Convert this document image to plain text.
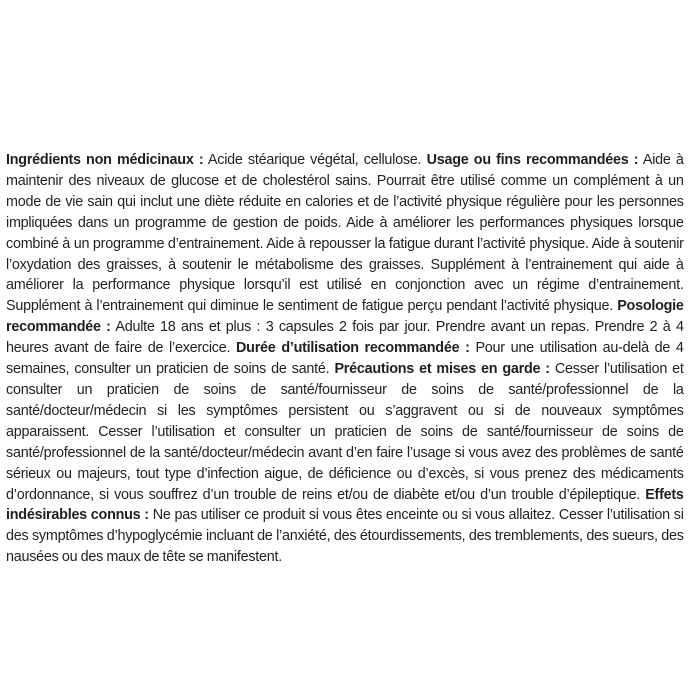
Ingrédients non médicinaux : Acide stéarique végétal, cellulose. Usage ou fins recommandées : Aide à maintenir des niveaux de glucose et de cholestérol sains. Pourrait être utilisé comme un complément à un mode de vie sain qui inclut une diète réduite en calories et de l’activité physique régulière pour les personnes impliquées dans un programme de gestion de poids. Aide à améliorer les performances physiques lorsque combiné à un programme d’entrainement. Aide à repousser la fatigue durant l’activité physique. Aide à soutenir l’oxydation des graisses, à soutenir le métabolisme des graisses. Supplément à l’entrainement qui aide à améliorer la performance physique lorsqu’il est utilisé en conjonction avec un régime d’entrainement. Supplément à l’entrainement qui diminue le sentiment de fatigue perçu pendant l’activité physique. Posologie recommandée : Adulte 18 ans et plus : 3 capsules 2 fois par jour. Prendre avant un repas. Prendre 2 à 4 heures avant de faire de l’exercice. Durée d’utilisation recommandée : Pour une utilisation au-delà de 4 semaines, consulter un praticien de soins de santé. Précautions et mises en garde : Cesser l’utilisation et consulter un praticien de soins de santé/fournisseur de soins de santé/professionnel de la santé/docteur/médecin si les symptômes persistent ou s’aggravent ou si de nouveaux symptômes apparaissent. Cesser l’utilisation et consulter un praticien de soins de santé/fournisseur de soins de santé/professionnel de la santé/docteur/médecin avant d’en faire l’usage si vous avez des problèmes de santé sérieux ou majeurs, tout type d’infection aigue, de déficience ou d’excès, si vous prenez des médicaments d’ordonnance, si vous souffrez d’un trouble de reins et/ou de diabète et/ou d’un trouble d’épileptique. Effets indésirables connus : Ne pas utiliser ce produit si vous êtes enceinte ou si vous allaitez. Cesser l’utilisation si des symptômes d’hypoglycémie incluant de l’anxiété, des étourdissements, des tremblements, des sueurs, des nausées ou des maux de tête se manifestent.
